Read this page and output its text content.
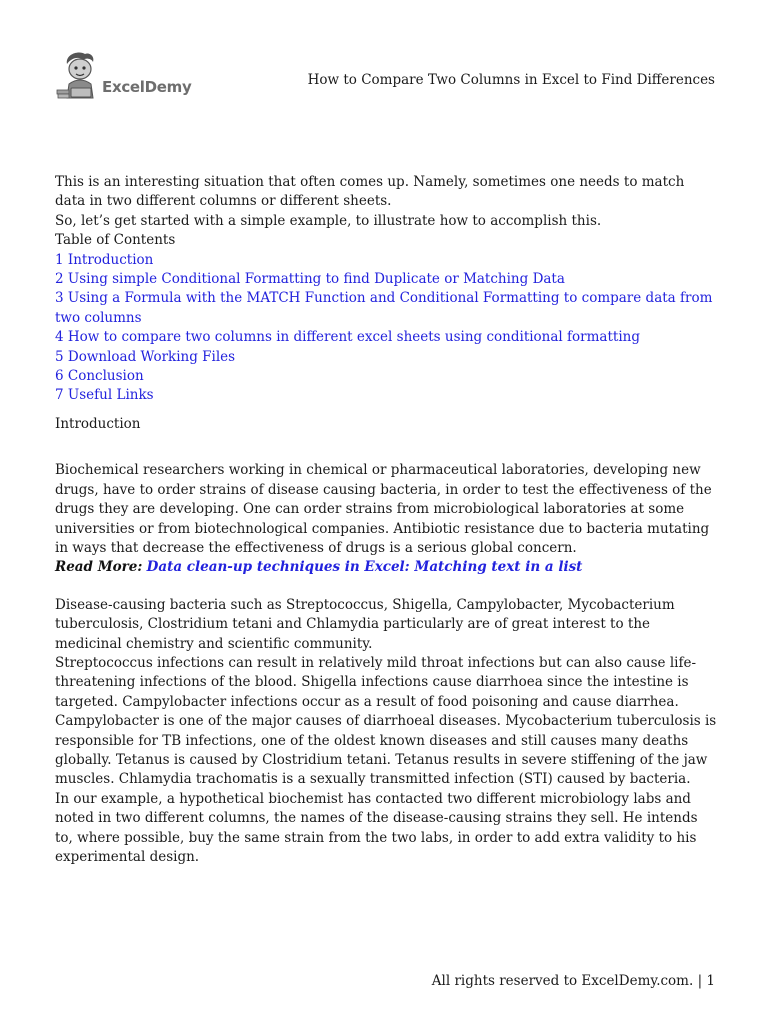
ExcelDemy	How to Compare Two Columns in Excel to Find Differences

This is an interesting situation that often comes up. Namely, sometimes one needs to match data in two different columns or different sheets.

So, let’s get started with a simple example, to illustrate how to accomplish this.

Table of Contents

1 Introduction
2 Using simple Conditional Formatting to find Duplicate or Matching Data
3 Using a Formula with the MATCH Function and Conditional Formatting to compare data from two columns
4 How to compare two columns in different excel sheets using conditional formatting
5 Download Working Files
6 Conclusion
7 Useful Links

Introduction

Biochemical researchers working in chemical or pharmaceutical laboratories, developing new drugs, have to order strains of disease causing bacteria, in order to test the effectiveness of the drugs they are developing. One can order strains from microbiological laboratories at some universities or from biotechnological companies. Antibiotic resistance due to bacteria mutating in ways that decrease the effectiveness of drugs is a serious global concern.

Read More: Data clean-up techniques in Excel: Matching text in a list

Disease-causing bacteria such as Streptococcus, Shigella, Campylobacter, Mycobacterium tuberculosis, Clostridium tetani and Chlamydia particularly are of great interest to the medicinal chemistry and scientific community.

Streptococcus infections can result in relatively mild throat infections but can also cause life-threatening infections of the blood. Shigella infections cause diarrhoea since the intestine is targeted. Campylobacter infections occur as a result of food poisoning and cause diarrhea. Campylobacter is one of the major causes of diarrhoeal diseases. Mycobacterium tuberculosis is responsible for TB infections, one of the oldest known diseases and still causes many deaths globally. Tetanus is caused by Clostridium tetani. Tetanus results in severe stiffening of the jaw muscles. Chlamydia trachomatis is a sexually transmitted infection (STI) caused by bacteria.

In our example, a hypothetical biochemist has contacted two different microbiology labs and noted in two different columns, the names of the disease-causing strains they sell. He intends to, where possible, buy the same strain from the two labs, in order to add extra validity to his experimental design.

All rights reserved to ExcelDemy.com. | 1
